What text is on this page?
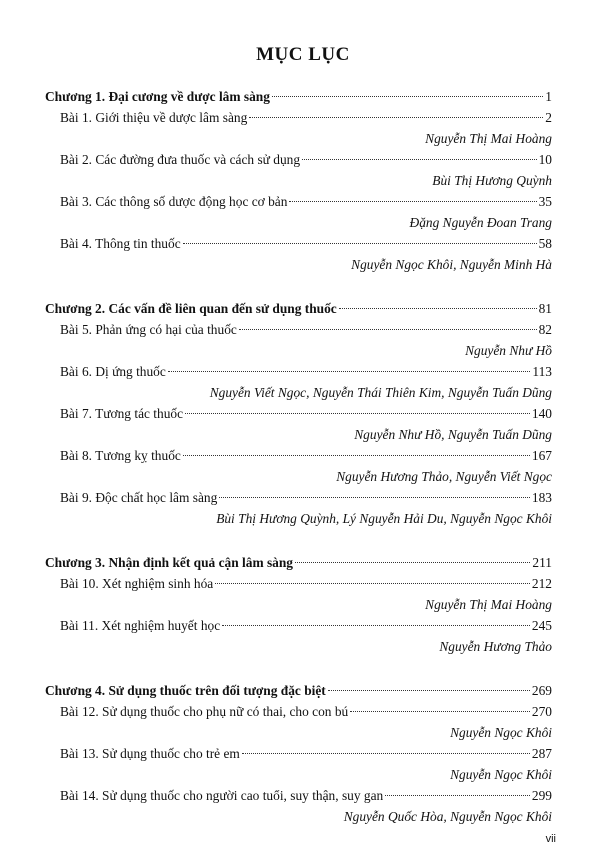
MỤC LỤC
Chương 1. Đại cương về dược lâm sàng	1
Bài 1. Giới thiệu về dược lâm sàng	2
Nguyễn Thị Mai Hoàng
Bài 2. Các đường đưa thuốc và cách sử dụng	10
Bùi Thị Hương Quỳnh
Bài 3. Các thông số dược động học cơ bản	35
Đặng Nguyễn Đoan Trang
Bài 4. Thông tin thuốc	58
Nguyễn Ngọc Khôi, Nguyễn Minh Hà
Chương 2. Các vấn đề liên quan đến sử dụng thuốc	81
Bài 5. Phản ứng có hại của thuốc	82
Nguyễn Như Hồ
Bài 6. Dị ứng thuốc	113
Nguyễn Viết Ngọc, Nguyễn Thái Thiên Kim, Nguyễn Tuấn Dũng
Bài 7. Tương tác thuốc	140
Nguyễn Như Hồ, Nguyễn Tuấn Dũng
Bài 8. Tương kỵ thuốc	167
Nguyễn Hương Thảo, Nguyễn Viết Ngọc
Bài 9. Độc chất học lâm sàng	183
Bùi Thị Hương Quỳnh, Lý Nguyễn Hải Du, Nguyễn Ngọc Khôi
Chương 3. Nhận định kết quả cận lâm sàng	211
Bài 10. Xét nghiệm sinh hóa	212
Nguyễn Thị Mai Hoàng
Bài 11. Xét nghiệm huyết học	245
Nguyễn Hương Thảo
Chương 4. Sử dụng thuốc trên đối tượng đặc biệt	269
Bài 12. Sử dụng thuốc cho phụ nữ có thai, cho con bú	270
Nguyễn Ngọc Khôi
Bài 13. Sử dụng thuốc cho trẻ em	287
Nguyễn Ngọc Khôi
Bài 14. Sử dụng thuốc cho người cao tuổi, suy thận, suy gan	299
Nguyễn Quốc Hòa, Nguyễn Ngọc Khôi
vii
